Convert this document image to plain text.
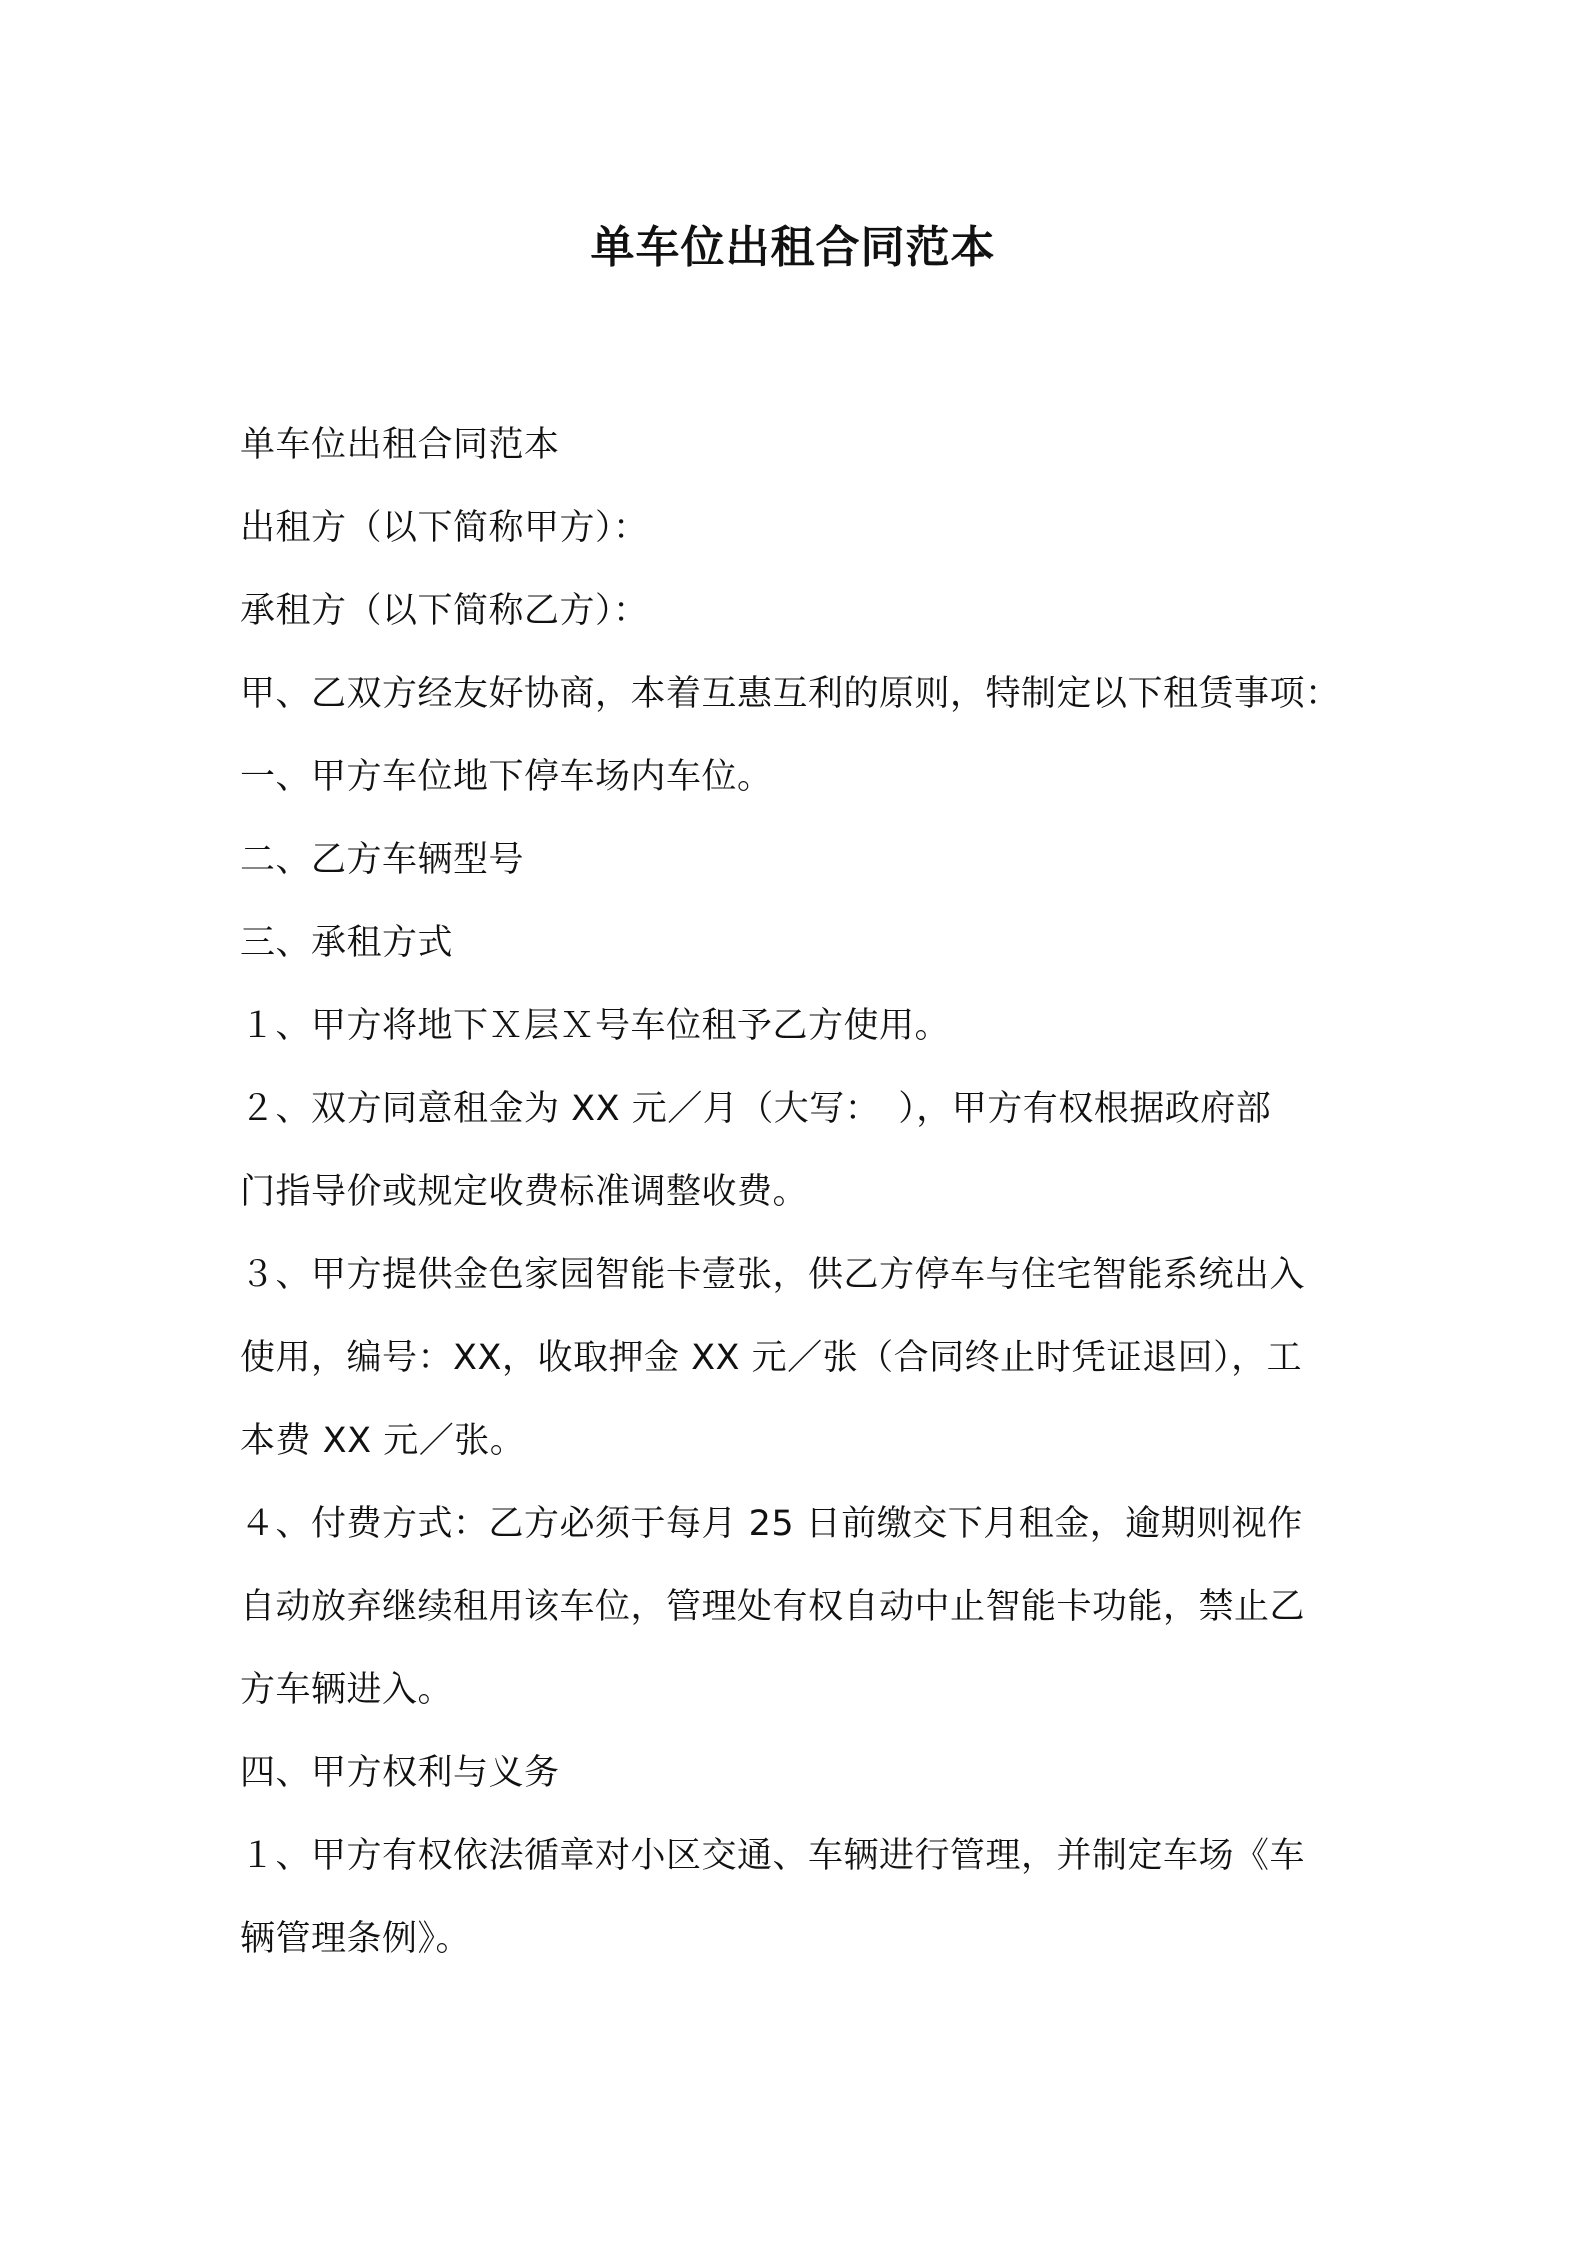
单车位出租合同范本

单车位出租合同范本

出租方（以下简称甲方）：

承租方（以下简称乙方）：

甲、乙双方经友好协商，本着互惠互利的原则，特制定以下租赁事项：

一、甲方车位地下停车场内车位。

二、乙方车辆型号

三、承租方式

１、甲方将地下Ｘ层Ｘ号车位租予乙方使用。

２、双方同意租金为 XX 元／月（大写：　），甲方有权根据政府部

门指导价或规定收费标准调整收费。

３、甲方提供金色家园智能卡壹张，供乙方停车与住宅智能系统出入

使用，编号：XX，收取押金 XX 元／张（合同终止时凭证退回），工

本费 XX 元／张。

４、付费方式：乙方必须于每月 25 日前缴交下月租金，逾期则视作

自动放弃继续租用该车位，管理处有权自动中止智能卡功能，禁止乙

方车辆进入。

四、甲方权利与义务

１、甲方有权依法循章对小区交通、车辆进行管理，并制定车场《车

辆管理条例》。
